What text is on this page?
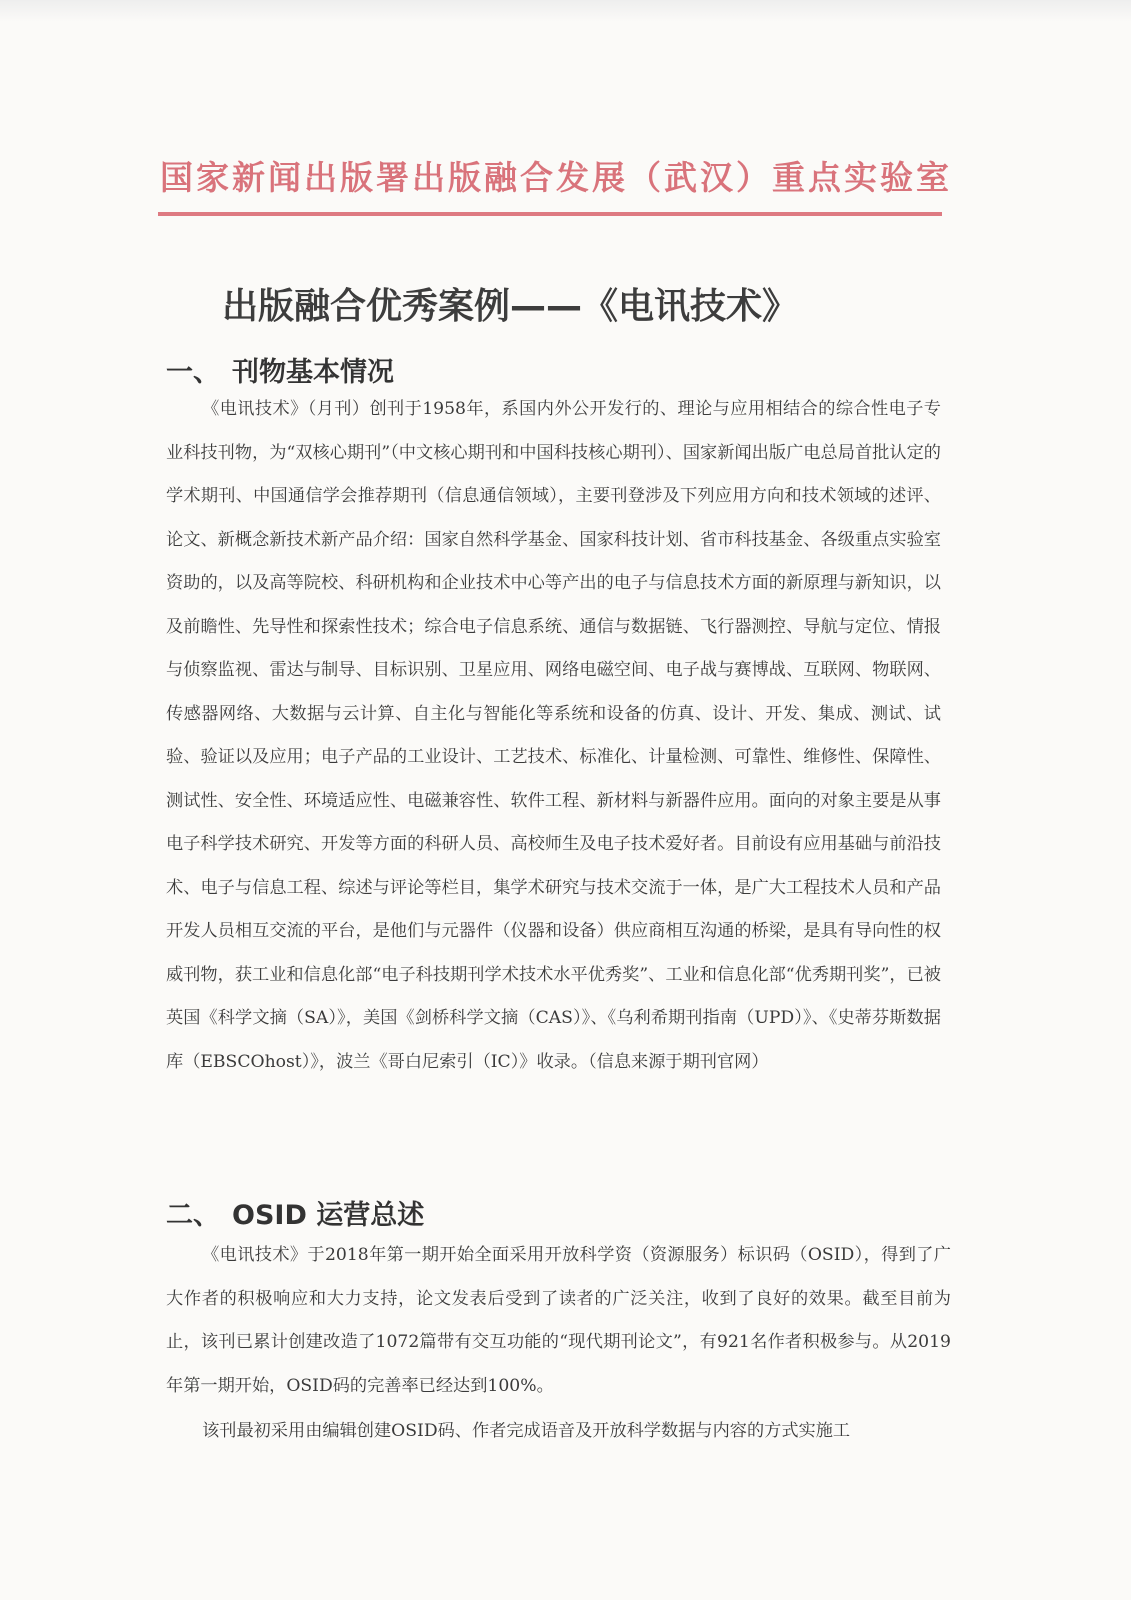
国家新闻出版署出版融合发展（武汉）重点实验室
出版融合优秀案例——《电讯技术》
一、 刊物基本情况

《电讯技术》（月刊）创刊于1958年，系国内外公开发行的、理论与应用相结合的综合性电子专业科技刊物，为“双核心期刊”（中文核心期刊和中国科技核心期刊）、国家新闻出版广电总局首批认定的学术期刊、中国通信学会推荐期刊（信息通信领域），主要刊登涉及下列应用方向和技术领域的述评、论文、新概念新技术新产品介绍：国家自然科学基金、国家科技计划、省市科技基金、各级重点实验室资助的，以及高等院校、科研机构和企业技术中心等产出的电子与信息技术方面的新原理与新知识，以及前瞻性、先导性和探索性技术；综合电子信息系统、通信与数据链、飞行器测控、导航与定位、情报与侦察监视、雷达与制导、目标识别、卫星应用、网络电磁空间、电子战与赛博战、互联网、物联网、传感器网络、大数据与云计算、自主化与智能化等系统和设备的仿真、设计、开发、集成、测试、试验、验证以及应用；电子产品的工业设计、工艺技术、标准化、计量检测、可靠性、维修性、保障性、测试性、安全性、环境适应性、电磁兼容性、软件工程、新材料与新器件应用。面向的对象主要是从事电子科学技术研究、开发等方面的科研人员、高校师生及电子技术爱好者。目前设有应用基础与前沿技术、电子与信息工程、综述与评论等栏目，集学术研究与技术交流于一体，是广大工程技术人员和产品开发人员相互交流的平台，是他们与元器件（仪器和设备）供应商相互沟通的桥梁，是具有导向性的权威刊物，获工业和信息化部“电子科技期刊学术技术水平优秀奖”、工业和信息化部“优秀期刊奖”，已被英国《科学文摘（SA）》，美国《剑桥科学文摘（CAS）》、《乌利希期刊指南（UPD）》、《史蒂芬斯数据库（EBSCOhost）》，波兰《哥白尼索引（IC）》收录。（信息来源于期刊官网）

二、 OSID 运营总述

《电讯技术》于2018年第一期开始全面采用开放科学资（资源服务）标识码（OSID），得到了广大作者的积极响应和大力支持，论文发表后受到了读者的广泛关注，收到了良好的效果。截至目前为止，该刊已累计创建改造了1072篇带有交互功能的“现代期刊论文”，有921名作者积极参与。从2019年第一期开始，OSID码的完善率已经达到100%。

该刊最初采用由编辑创建OSID码、作者完成语音及开放科学数据与内容的方式实施工
